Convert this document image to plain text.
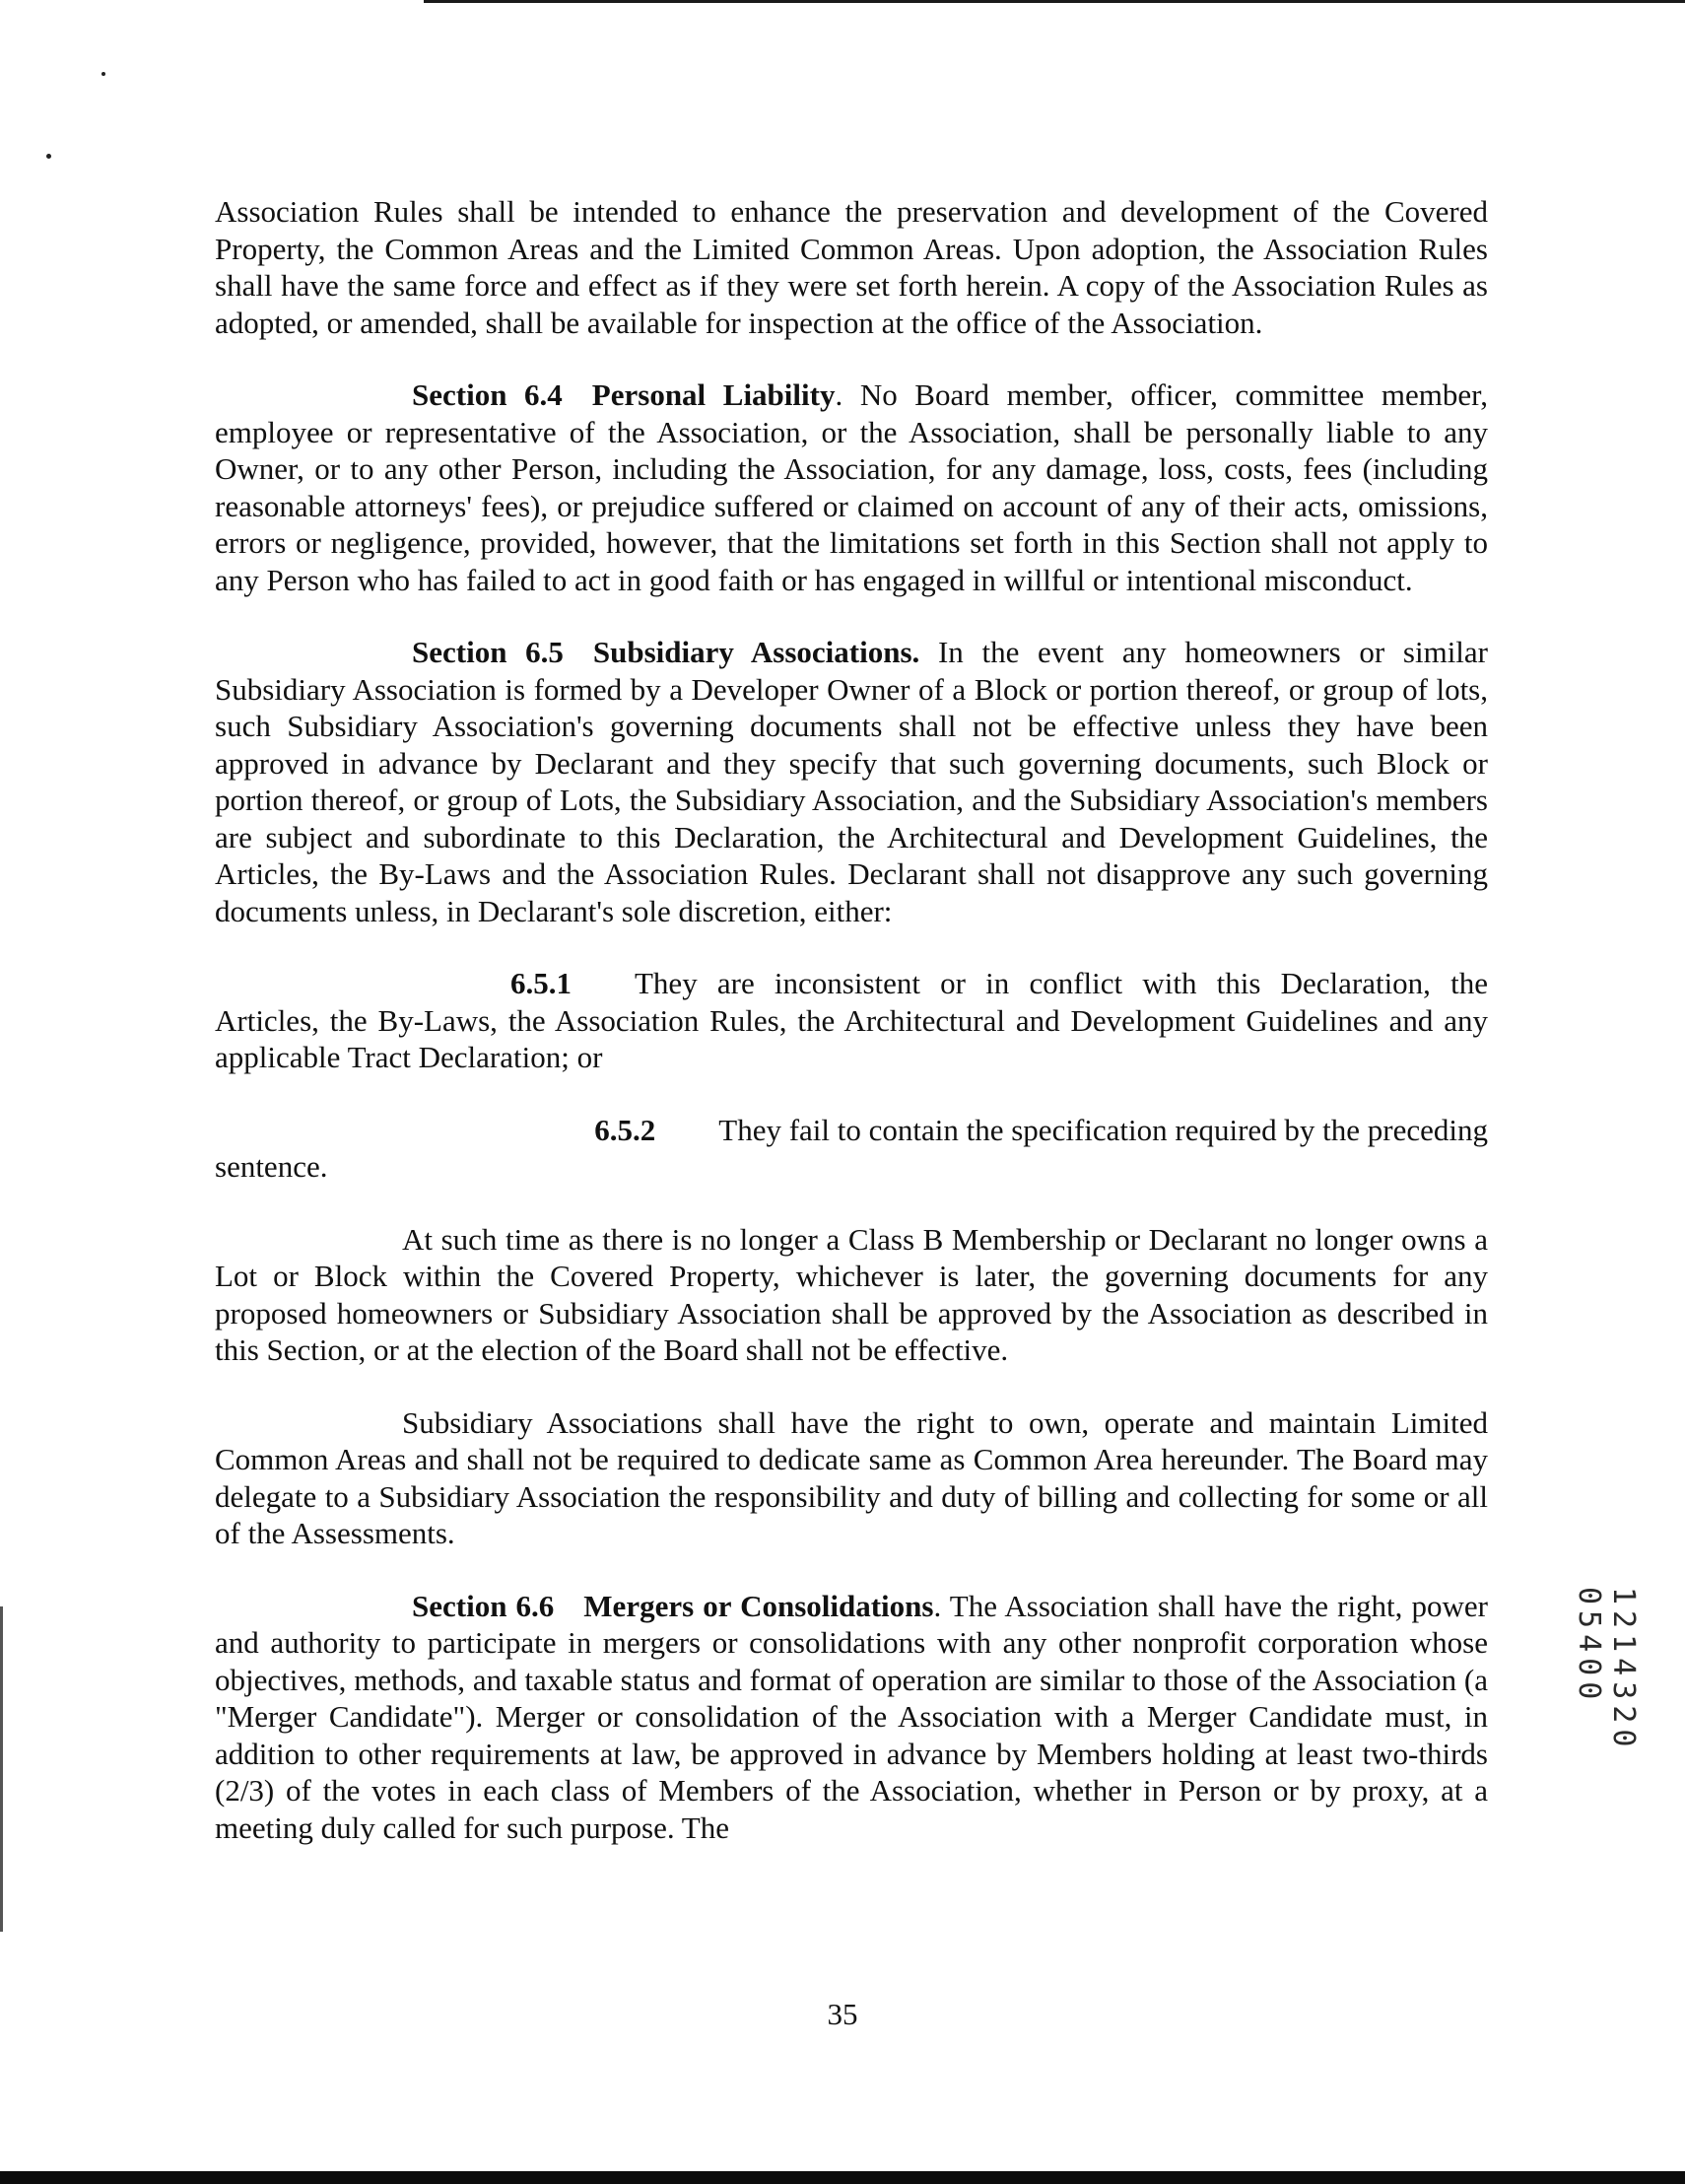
Association Rules shall be intended to enhance the preservation and development of the Covered Property, the Common Areas and the Limited Common Areas. Upon adoption, the Association Rules shall have the same force and effect as if they were set forth herein. A copy of the Association Rules as adopted, or amended, shall be available for inspection at the office of the Association.

Section 6.4 Personal Liability. No Board member, officer, committee member, employee or representative of the Association, or the Association, shall be personally liable to any Owner, or to any other Person, including the Association, for any damage, loss, costs, fees (including reasonable attorneys' fees), or prejudice suffered or claimed on account of any of their acts, omissions, errors or negligence, provided, however, that the limitations set forth in this Section shall not apply to any Person who has failed to act in good faith or has engaged in willful or intentional misconduct.

Section 6.5 Subsidiary Associations. In the event any homeowners or similar Subsidiary Association is formed by a Developer Owner of a Block or portion thereof, or group of lots, such Subsidiary Association's governing documents shall not be effective unless they have been approved in advance by Declarant and they specify that such governing documents, such Block or portion thereof, or group of Lots, the Subsidiary Association, and the Subsidiary Association's members are subject and subordinate to this Declaration, the Architectural and Development Guidelines, the Articles, the By-Laws and the Association Rules. Declarant shall not disapprove any such governing documents unless, in Declarant's sole discretion, either:

6.5.1 They are inconsistent or in conflict with this Declaration, the Articles, the By-Laws, the Association Rules, the Architectural and Development Guidelines and any applicable Tract Declaration; or

6.5.2 They fail to contain the specification required by the preceding
sentence.

At such time as there is no longer a Class B Membership or Declarant no longer owns a Lot or Block within the Covered Property, whichever is later, the governing documents for any proposed homeowners or Subsidiary Association shall be approved by the Association as described in this Section, or at the election of the Board shall not be effective.

Subsidiary Associations shall have the right to own, operate and maintain Limited Common Areas and shall not be required to dedicate same as Common Area hereunder. The Board may delegate to a Subsidiary Association the responsibility and duty of billing and collecting for some or all of the Assessments.

Section 6.6 Mergers or Consolidations. The Association shall have the right, power and authority to participate in mergers or consolidations with any other nonprofit corporation whose objectives, methods, and taxable status and format of operation are similar to those of the Association (a "Merger Candidate"). Merger or consolidation of the Association with a Merger Candidate must, in addition to other requirements at law, be approved in advance by Members holding at least two-thirds (2/3) of the votes in each class of Members of the Association, whether in Person or by proxy, at a meeting duly called for such purpose. The

35
1214320 05400
